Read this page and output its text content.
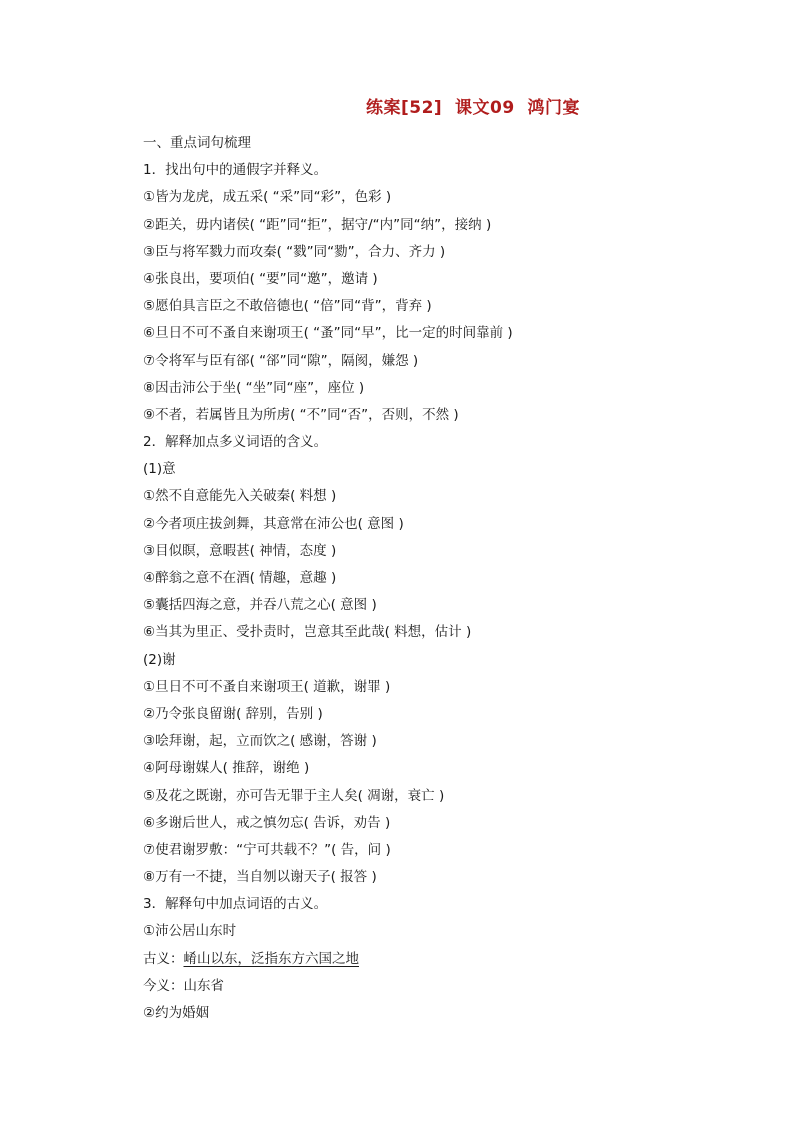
练案[52]  课文09  鸿门宴
一、重点词句梳理
1．找出句中的通假字并释义。
①皆为龙虎，成五采( “采”同“彩”，色彩 )
②距关，毋内诸侯( “距”同“拒”，据守/“内”同“纳”，接纳 )
③臣与将军戮力而攻秦( “戮”同“勠”，合力、齐力 )
④张良出，要项伯( “要”同“邀”，邀请 )
⑤愿伯具言臣之不敢倍德也( “倍”同“背”，背弃 )
⑥旦日不可不蚤自来谢项王( “蚤”同“早”，比一定的时间靠前 )
⑦令将军与臣有郤( “郤”同“隙”，隔阂，嫌怨 )
⑧因击沛公于坐( “坐”同“座”，座位 )
⑨不者，若属皆且为所虏( “不”同“否”，否则，不然 )
2．解释加点多义词语的含义。
(1)意
①然不自意能先入关破秦( 料想 )
②今者项庄拔剑舞，其意常在沛公也( 意图 )
③目似瞑，意暇甚( 神情，态度 )
④醉翁之意不在酒( 情趣，意趣 )
⑤囊括四海之意，并吞八荒之心( 意图 )
⑥当其为里正、受扑责时，岂意其至此哉( 料想，估计 )
(2)谢
①旦日不可不蚤自来谢项王( 道歉，谢罪 )
②乃令张良留谢( 辞别，告别 )
③哙拜谢，起，立而饮之( 感谢，答谢 )
④阿母谢媒人( 推辞，谢绝 )
⑤及花之既谢，亦可告无罪于主人矣( 凋谢，衰亡 )
⑥多谢后世人，戒之慎勿忘( 告诉，劝告 )
⑦使君谢罗敷：“宁可共载不？”( 告，问 )
⑧万有一不捷，当自刎以谢天子( 报答 )
3．解释句中加点词语的古义。
①沛公居山东时
古义：崤山以东，泛指东方六国之地
今义：山东省
②约为婚姻
